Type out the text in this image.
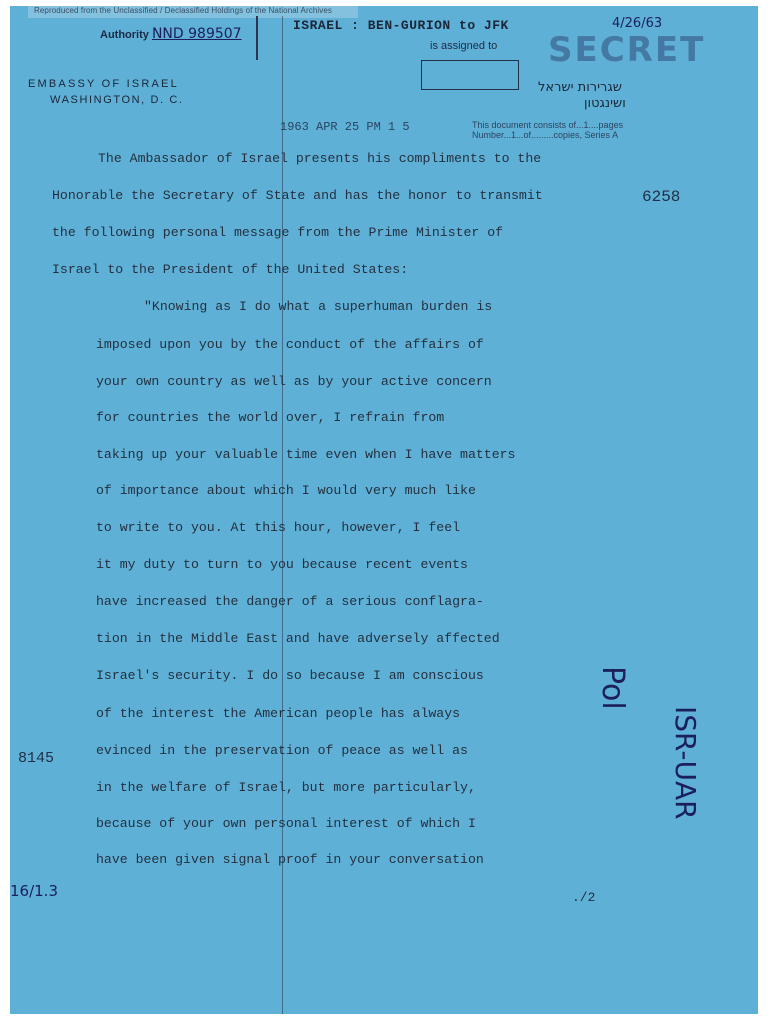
Reproduced from the Unclassified / Declassified Holdings of the National Archives
Authority NND 989507
ISRAEL : BEN-GURION to JFK	4/26/63
is assigned to SECRET
EMBASSY OF ISRAEL
WASHINGTON, D. C.
שגרירות ישראל
ושינגטון
1963 APR 25 PM 1 5	This document consists of...1....pages
Number...1...of.........copies, Series A
6258
8145
16/1.3	./2
Pol
ISR-UAR
The Ambassador of Israel presents his compliments to the
Honorable the Secretary of State and has the honor to transmit
the following personal message from the Prime Minister of
Israel to the President of the United States:
"Knowing as I do what a superhuman burden is
imposed upon you by the conduct of the affairs of
your own country as well as by your active concern
for countries the world over, I refrain from
taking up your valuable time even when I have matters
of importance about which I would very much like
to write to you. At this hour, however, I feel
it my duty to turn to you because recent events
have increased the danger of a serious conflagra-
tion in the Middle East and have adversely affected
Israel's security. I do so because I am conscious
of the interest the American people has always
evinced in the preservation of peace as well as
in the welfare of Israel, but more particularly,
because of your own personal interest of which I
have been given signal proof in your conversation
